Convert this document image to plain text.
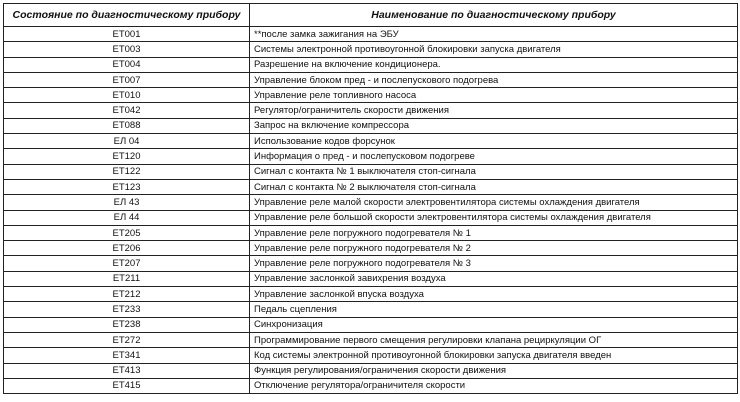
Состояние по диагностическому прибору	Наименование по диагностическому прибору
ET001	**после замка зажигания на ЭБУ
ET003	Системы электронной противоугонной блокировки запуска двигателя
ET004	Разрешение на включение кондиционера.
ET007	Управление блоком пред - и послепускового подогрева
ET010	Управление реле топливного насоса
ET042	Регулятор/ограничитель скорости движения
ET088	Запрос на включение компрессора
ЕЛ 04	Использование кодов форсунок
ET120	Информация о пред - и послепусковом подогреве
ET122	Сигнал с контакта № 1 выключателя стоп-сигнала
ET123	Сигнал с контакта № 2 выключателя стоп-сигнала
ЕЛ 43	Управление реле малой скорости электровентилятора системы охлаждения двигателя
ЕЛ 44	Управление реле большой скорости электровентилятора системы охлаждения двигателя
ET205	Управление реле погружного подогревателя № 1
ET206	Управление реле погружного подогревателя № 2
ET207	Управление реле погружного подогревателя № 3
ET211	Управление заслонкой завихрения воздуха
ET212	Управление заслонкой впуска воздуха
ET233	Педаль сцепления
ET238	Синхронизация
ET272	Программирование первого смещения регулировки клапана рециркуляции ОГ
ET341	Код системы электронной противоугонной блокировки запуска двигателя введен
ET413	Функция регулирования/ограничения скорости движения
ET415	Отключение регулятора/ограничителя скорости
